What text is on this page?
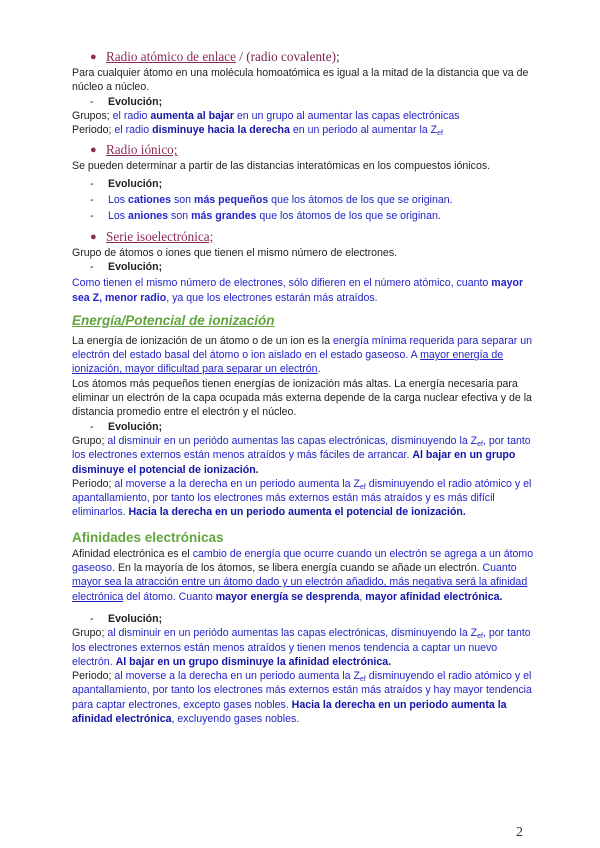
● Radio atómico de enlace / (radio covalente);

Para cualquier átomo en una molécula homoatómica es igual a la mitad de la distancia que va de núcleo a núcleo.

- Evolución;

Grupos; el radio aumenta al bajar en un grupo al aumentar las capas electrónicas

Periodo; el radio disminuye hacia la derecha en un periodo al aumentar la $Z_{ef}$

● Radio iónico;

Se pueden determinar a partir de las distancias interatómicas en los compuestos iónicos.

- Evolución;

- Los cationes son más pequeños que los átomos de los que se originan.

- Los aniones son más grandes que los átomos de los que se originan.

● Serie isoelectrónica;

Grupo de átomos o iones que tienen el mismo número de electrones.

- Evolución;

Como tienen el mismo número de electrones, sólo difieren en el número atómico, cuanto mayor sea Z, menor radio, ya que los electrones estarán más atraídos.

Energía/Potencial de ionización

La energía de ionización de un átomo o de un ion es la energía mínima requerida para separar un electrón del estado basal del átomo o ion aislado en el estado gaseoso. A mayor energía de ionización, mayor dificultad para separar un electrón.

Los átomos más pequeños tienen energías de ionización más altas. La energía necesaria para eliminar un electrón de la capa ocupada más externa depende de la carga nuclear efectiva y de la distancia promedio entre el electrón y el núcleo.

- Evolución;

Grupo; al disminuir en un periódo aumentas las capas electrónicas, disminuyendo la $Z_{ef}$, por tanto los electrones externos están menos atraídos y más fáciles de arrancar. Al bajar en un grupo disminuye el potencial de ionización.

Periodo; al moverse a la derecha en un periodo aumenta la $Z_{ef}$ disminuyendo el radio atómico y el apantallamiento, por tanto los electrones más externos están más atraídos y es más difícil eliminarlos. Hacia la derecha en un periodo aumenta el potencial de ionización.

Afinidades electrónicas

Afinidad electrónica es el cambio de energía que ocurre cuando un electrón se agrega a un átomo gaseoso. En la mayoría de los átomos, se libera energía cuando se añade un electrón. Cuanto mayor sea la atracción entre un átomo dado y un electrón añadido, más negativa será la afinidad electrónica del átomo. Cuanto mayor energía se desprenda, mayor afinidad electrónica.

- Evolución;

Grupo; al disminuir en un periódo aumentas las capas electrónicas, disminuyendo la $Z_{ef}$, por tanto los electrones externos están menos atraídos y tienen menos tendencia a captar un nuevo electrón. Al bajar en un grupo disminuye la afinidad electrónica.

Periodo; al moverse a la derecha en un periodo aumenta la $Z_{ef}$ disminuyendo el radio atómico y el apantallamiento, por tanto los electrones más externos están más atraídos y hay mayor tendencia para captar electrones, excepto gases nobles. Hacia la derecha en un periodo aumenta la afinidad electrónica, excluyendo gases nobles.

2
